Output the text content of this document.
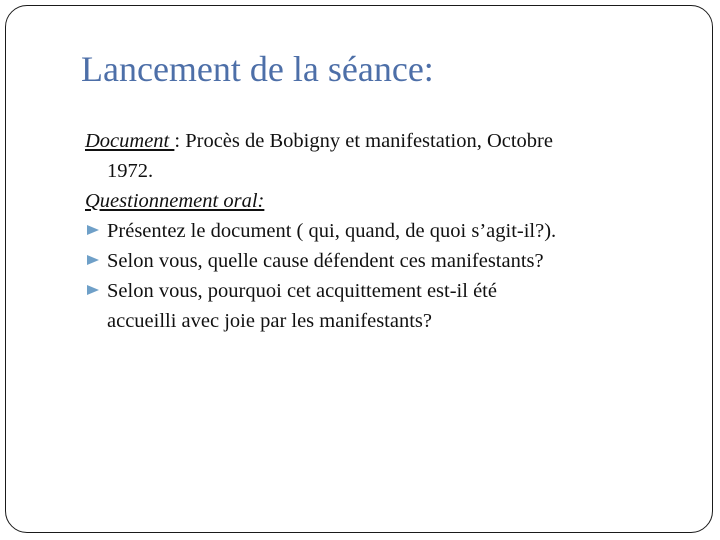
Lancement de la séance:
Document : Procès de Bobigny et manifestation, Octobre
1972.
Questionnement oral:
Présentez le document ( qui, quand, de quoi s’agit-il?).
Selon vous, quelle cause défendent ces manifestants?
Selon vous, pourquoi cet acquittement est-il été
accueilli avec joie par les manifestants?
